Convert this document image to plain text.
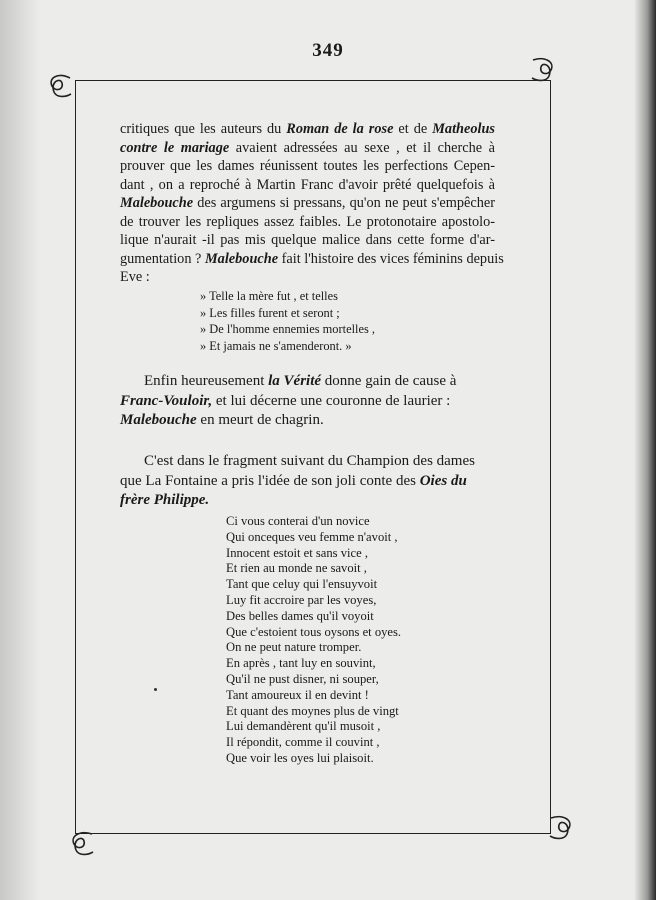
349
critiques que les auteurs du Roman de la rose et de Matheolus
contre le mariage avaient adressées au sexe , et il cherche à
prouver que les dames réunissent toutes les perfections Cepen-
dant , on a reproché à Martin Franc d'avoir prêté quelquefois à
Malebouche des argumens si pressans, qu'on ne peut s'empêcher
de trouver les repliques assez faibles. Le protonotaire apostolo-
lique n'aurait -il pas mis quelque malice dans cette forme d'ar-
gumentation ? Malebouche fait l'histoire des vices féminins depuis
Eve :
» Telle la mère fut , et telles
» Les filles furent et seront ;
» De l'homme ennemies mortelles ,
» Et jamais ne s'amenderont. »
Enfin heureusement la Vérité donne gain de cause à Franc-Vouloir, et lui décerne une couronne de laurier : Malebouche en meurt de chagrin.
C'est dans le fragment suivant du Champion des dames que La Fontaine a pris l'idée de son joli conte des Oies du frère Philippe.
Ci vous conterai d'un novice
Qui onceques veu femme n'avoit ,
Innocent estoit et sans vice ,
Et rien au monde ne savoit ,
Tant que celuy qui l'ensuyvoit
Luy fit accroire par les voyes,
Des belles dames qu'il voyoit
Que c'estoient tous oysons et oyes.
On ne peut nature tromper.
En après , tant luy en souvint,
Qu'il ne pust disner, ni souper,
Tant amoureux il en devint !
Et quant des moynes plus de vingt
Lui demandèrent qu'il musoit ,
Il répondit, comme il couvint ,
Que voir les oyes lui plaisoit.
